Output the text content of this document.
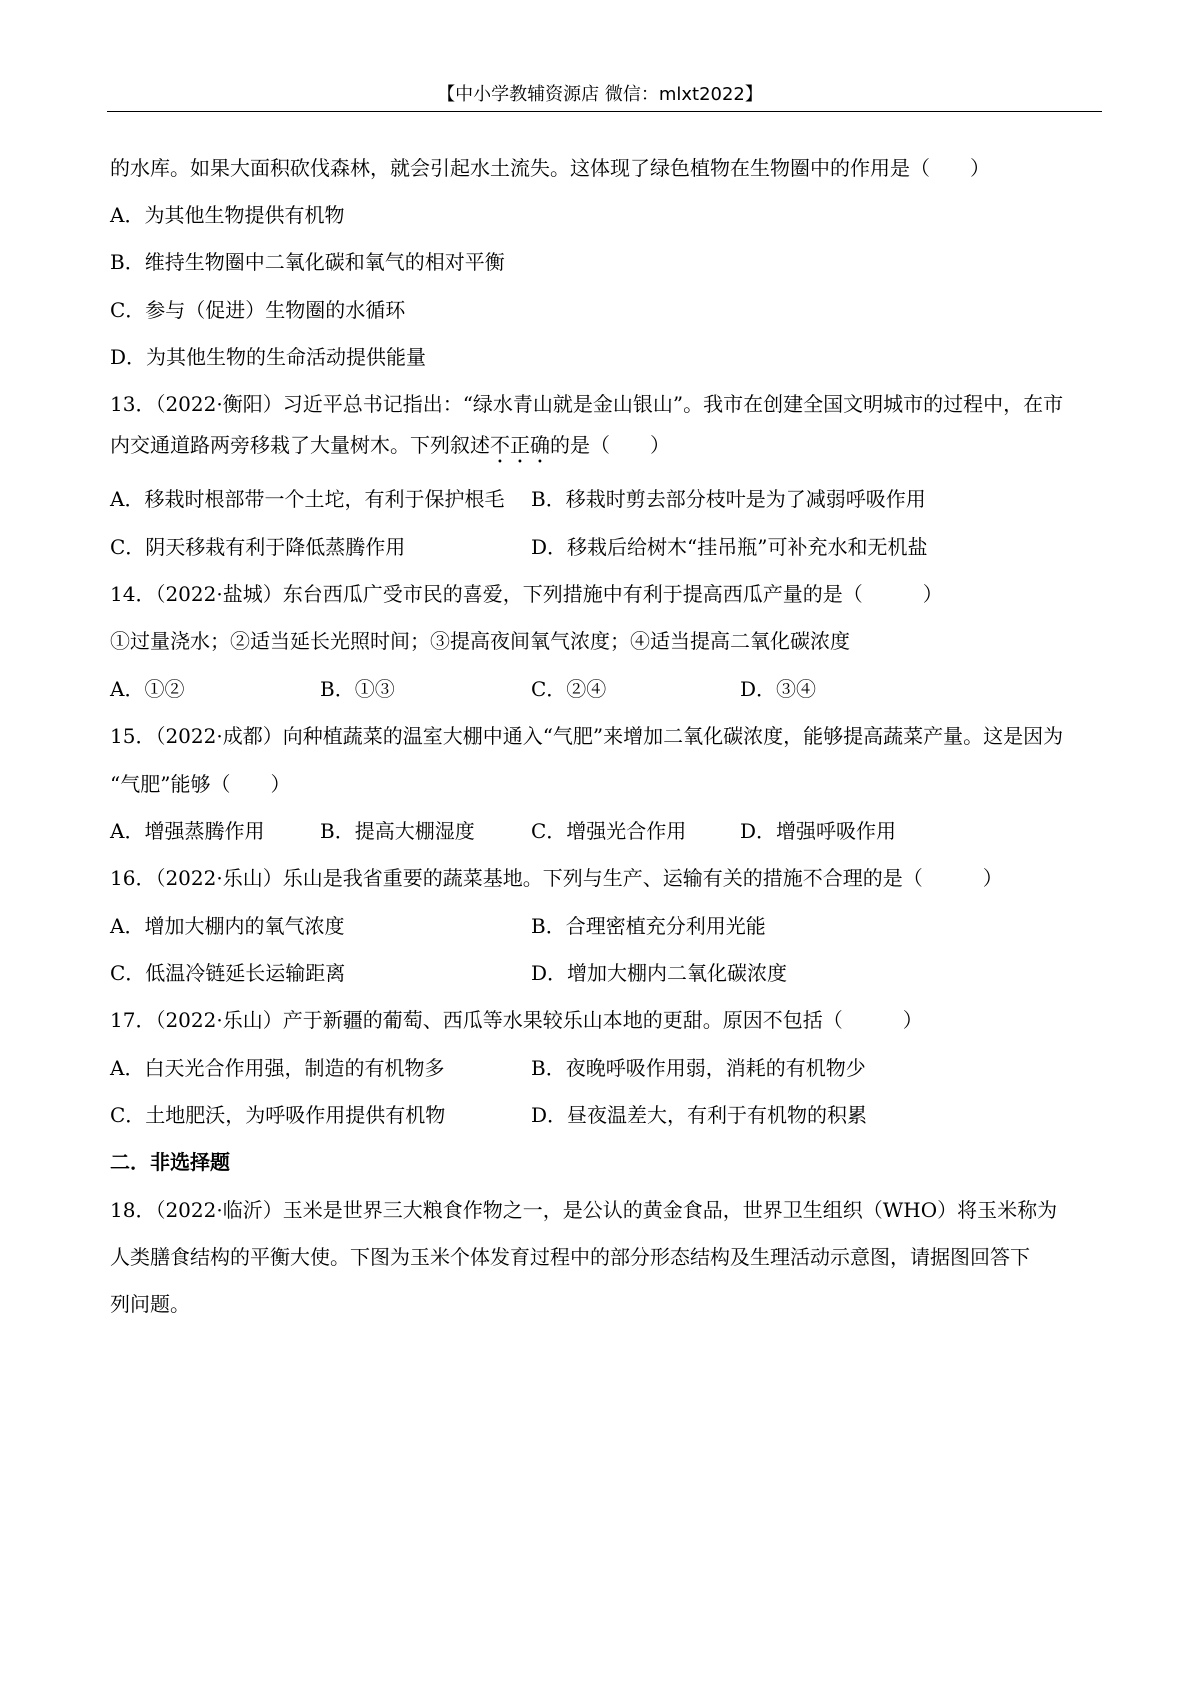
【中小学教辅资源店 微信：mlxt2022】
的水库。如果大面积砍伐森林，就会引起水土流失。这体现了绿色植物在生物圈中的作用是（　　）
A．为其他生物提供有机物
B．维持生物圈中二氧化碳和氧气的相对平衡
C．参与（促进）生物圈的水循环
D．为其他生物的生命活动提供能量
13．（2022·衡阳）习近平总书记指出：“绿水青山就是金山银山”。我市在创建全国文明城市的过程中，在市
内交通道路两旁移栽了大量树木。下列叙述不正确的是（　　）
A．移栽时根部带一个土坨，有利于保护根毛 B．移栽时剪去部分枝叶是为了减弱呼吸作用
C．阴天移栽有利于降低蒸腾作用	D．移栽后给树木“挂吊瓶”可补充水和无机盐
14．（2022·盐城）东台西瓜广受市民的喜爱，下列措施中有利于提高西瓜产量的是（　　　）
①过量浇水；②适当延长光照时间；③提高夜间氧气浓度；④适当提高二氧化碳浓度
A．①②	B．①③	C．②④	D．③④
15．（2022·成都）向种植蔬菜的温室大棚中通入“气肥”来增加二氧化碳浓度，能够提高蔬菜产量。这是因为
“气肥”能够（　　）
A．增强蒸腾作用	B．提高大棚湿度	C．增强光合作用	D．增强呼吸作用
16．（2022·乐山）乐山是我省重要的蔬菜基地。下列与生产、运输有关的措施不合理的是（　　　）
A．增加大棚内的氧气浓度	B．合理密植充分利用光能
C．低温冷链延长运输距离	D．增加大棚内二氧化碳浓度
17．（2022·乐山）产于新疆的葡萄、西瓜等水果较乐山本地的更甜。原因不包括（　　　）
A．白天光合作用强，制造的有机物多	B．夜晚呼吸作用弱，消耗的有机物少
C．土地肥沃，为呼吸作用提供有机物	D．昼夜温差大，有利于有机物的积累
二．非选择题
18．（2022·临沂）玉米是世界三大粮食作物之一，是公认的黄金食品，世界卫生组织（WHO）将玉米称为
人类膳食结构的平衡大使。下图为玉米个体发育过程中的部分形态结构及生理活动示意图，请据图回答下
列问题。
